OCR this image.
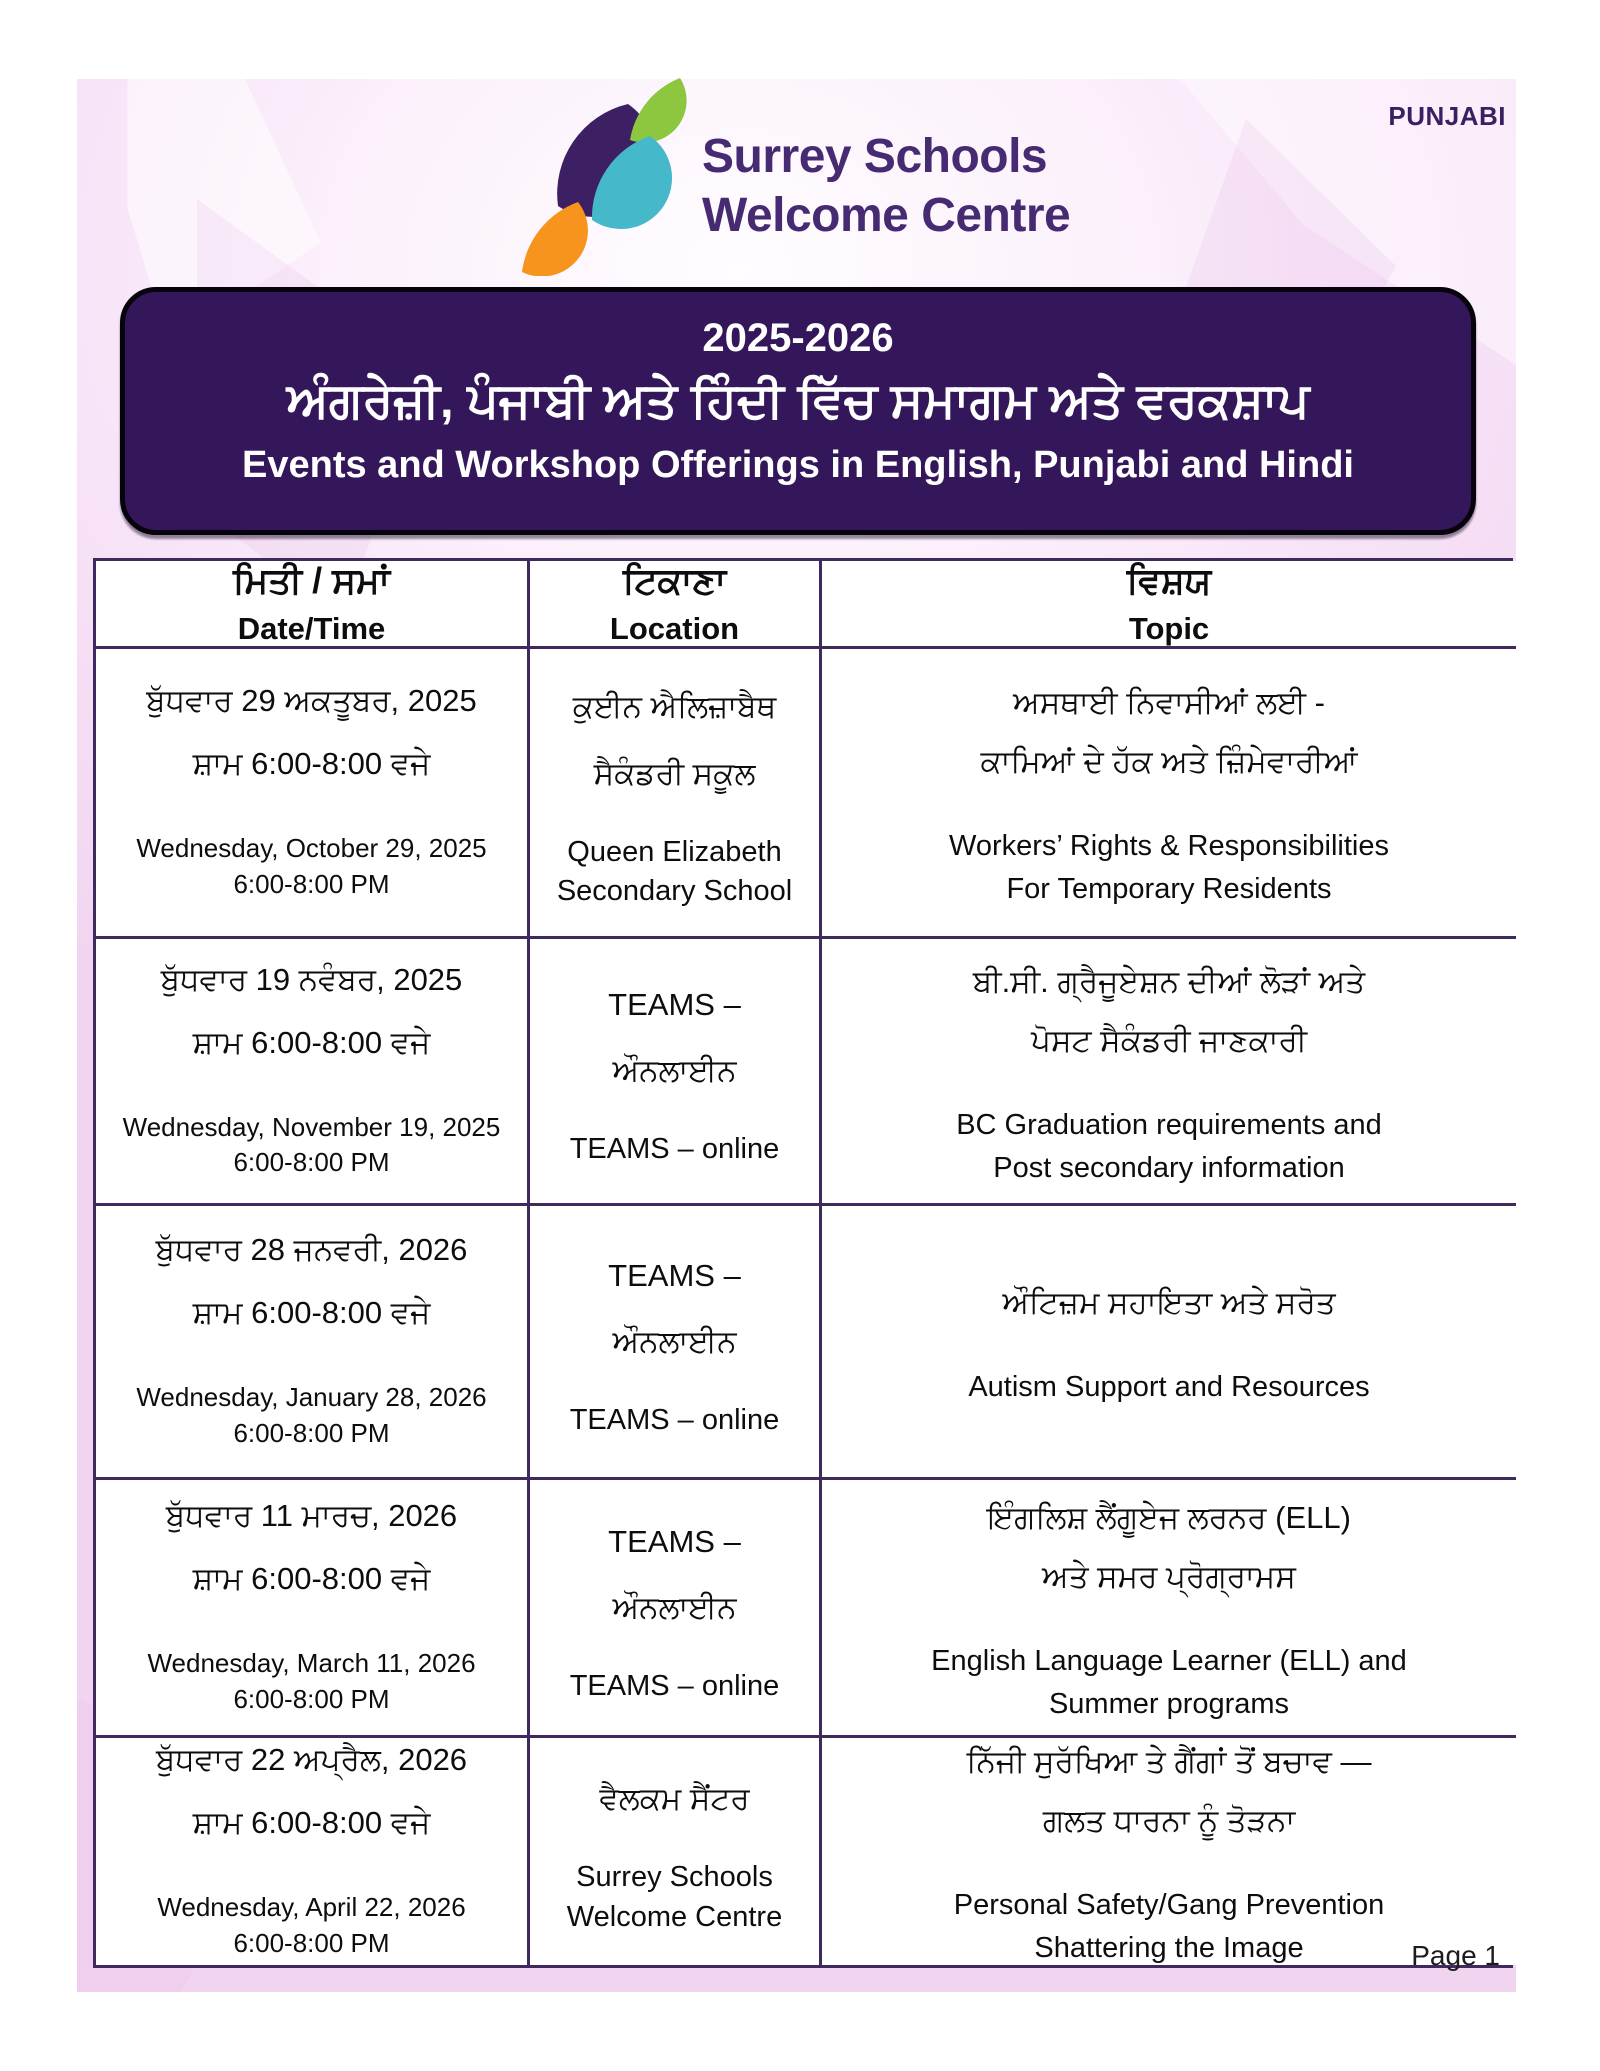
PUNJABI
Surrey Schools
Welcome Centre
2025-2026
ਅੰਗਰੇਜ਼ੀ, ਪੰਜਾਬੀ ਅਤੇ ਹਿੰਦੀ ਵਿੱਚ ਸਮਾਗਮ ਅਤੇ ਵਰਕਸ਼ਾਪ
Events and Workshop Offerings in English, Punjabi and Hindi
ਮਿਤੀ / ਸਮਾਂ
Date/Time
ਟਿਕਾਣਾ
Location
ਵਿਸ਼ਯ
Topic
ਬੁੱਧਵਾਰ 29 ਅਕਤੂਬਰ, 2025
ਸ਼ਾਮ 6:00-8:00 ਵਜੇ
Wednesday, October 29, 2025
6:00-8:00 PM
ਕੁਈਨ ਐਲਿਜ਼ਾਬੈਥ
ਸੈਕੰਡਰੀ ਸਕੂਲ
Queen Elizabeth
Secondary School
ਅਸਥਾਈ ਨਿਵਾਸੀਆਂ ਲਈ -
ਕਾਮਿਆਂ ਦੇ ਹੱਕ ਅਤੇ ਜ਼ਿੰਮੇਵਾਰੀਆਂ
Workers’ Rights & Responsibilities
For Temporary Residents
ਬੁੱਧਵਾਰ 19 ਨਵੰਬਰ, 2025
ਸ਼ਾਮ 6:00-8:00 ਵਜੇ
Wednesday, November 19, 2025
6:00-8:00 PM
TEAMS –
ਔਨਲਾਈਨ
TEAMS – online
ਬੀ.ਸੀ. ਗ੍ਰੈਜੂਏਸ਼ਨ ਦੀਆਂ ਲੋੜਾਂ ਅਤੇ
ਪੋਸਟ ਸੈਕੰਡਰੀ ਜਾਣਕਾਰੀ
BC Graduation requirements and
Post secondary information
ਬੁੱਧਵਾਰ 28 ਜਨਵਰੀ, 2026
ਸ਼ਾਮ 6:00-8:00 ਵਜੇ
Wednesday, January 28, 2026
6:00-8:00 PM
TEAMS –
ਔਨਲਾਈਨ
TEAMS – online
ਔਟਿਜ਼ਮ ਸਹਾਇਤਾ ਅਤੇ ਸਰੋਤ
Autism Support and Resources
ਬੁੱਧਵਾਰ 11 ਮਾਰਚ, 2026
ਸ਼ਾਮ 6:00-8:00 ਵਜੇ
Wednesday, March 11, 2026
6:00-8:00 PM
TEAMS –
ਔਨਲਾਈਨ
TEAMS – online
ਇੰਗਲਿਸ਼ ਲੈਂਗੂਏਜ ਲਰਨਰ (ELL)
ਅਤੇ ਸਮਰ ਪ੍ਰੋਗ੍ਰਾਮਸ
English Language Learner (ELL) and
Summer programs
ਬੁੱਧਵਾਰ 22 ਅਪ੍ਰੈਲ, 2026
ਸ਼ਾਮ 6:00-8:00 ਵਜੇ
Wednesday, April 22, 2026
6:00-8:00 PM
ਵੈਲਕਮ ਸੈਂਟਰ
Surrey Schools
Welcome Centre
ਨਿੱਜੀ ਸੁਰੱਖਿਆ ਤੇ ਗੈਂਗਾਂ ਤੋਂ ਬਚਾਵ —
ਗਲਤ ਧਾਰਨਾ ਨੂੰ ਤੋੜਨਾ
Personal Safety/Gang Prevention
Shattering the Image	Page 1
